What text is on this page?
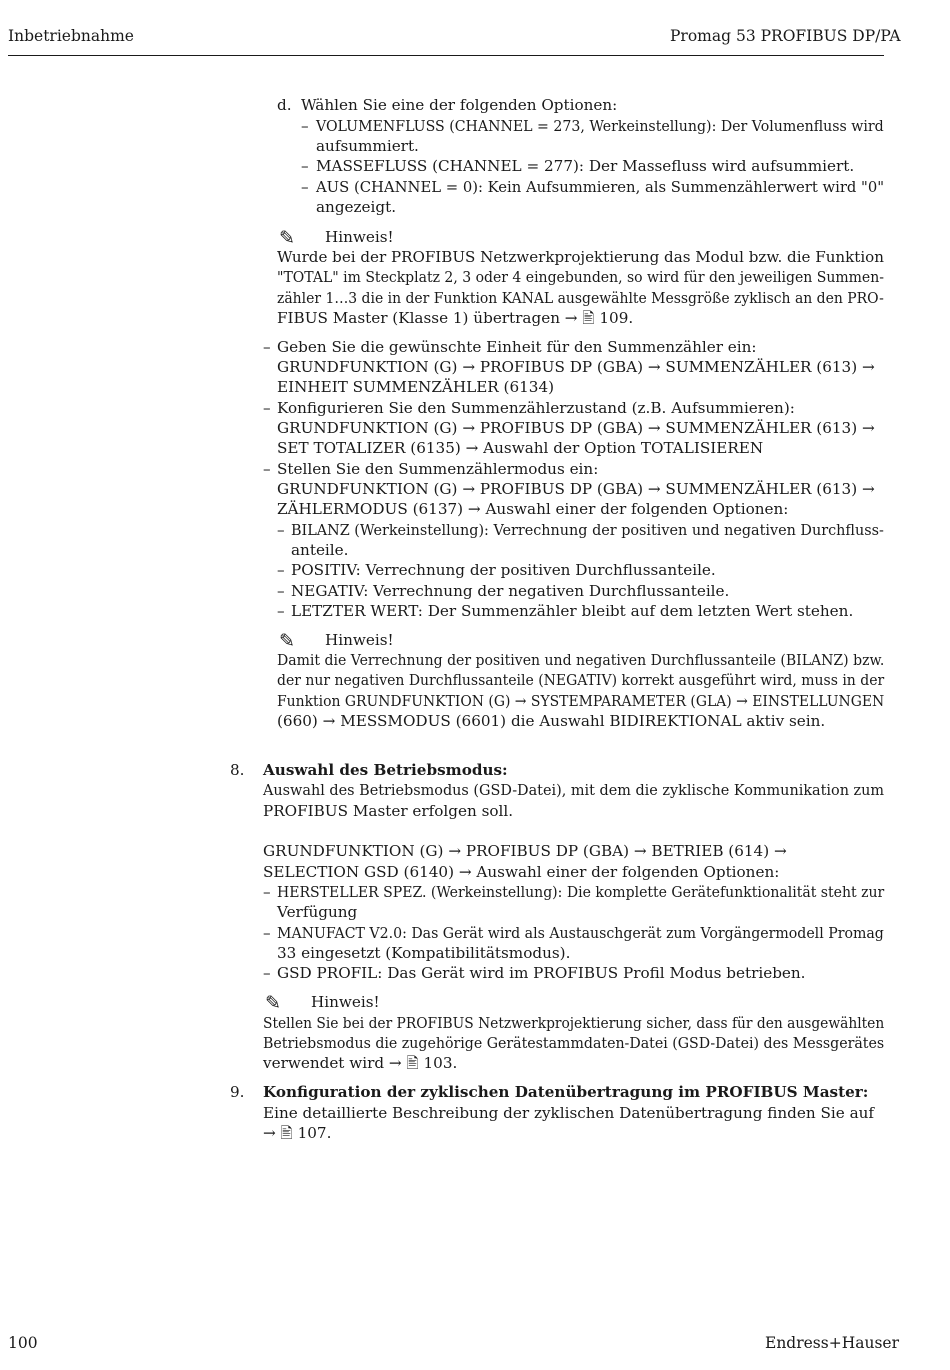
Inbetriebnahme	Promag 53 PROFIBUS DP/PA
d. Wählen Sie eine der folgenden Optionen:
– VOLUMENFLUSS (CHANNEL = 273, Werkeinstellung): Der Volumenfluss wird
aufsummiert.
– MASSEFLUSS (CHANNEL = 277): Der Massefluss wird aufsummiert.
– AUS (CHANNEL = 0): Kein Aufsummieren, als Summenzählerwert wird "0"
angezeigt.
✎ Hinweis!
Wurde bei der PROFIBUS Netzwerkprojektierung das Modul bzw. die Funktion
"TOTAL" im Steckplatz 2, 3 oder 4 eingebunden, so wird für den jeweiligen Summen-
zähler 1…3 die in der Funktion KANAL ausgewählte Messgröße zyklisch an den PRO-
FIBUS Master (Klasse 1) übertragen → 🖹 109.
– Geben Sie die gewünschte Einheit für den Summenzähler ein:
GRUNDFUNKTION (G) → PROFIBUS DP (GBA) → SUMMENZÄHLER (613) →
EINHEIT SUMMENZÄHLER (6134)
– Konfigurieren Sie den Summenzählerzustand (z.B. Aufsummieren):
GRUNDFUNKTION (G) → PROFIBUS DP (GBA) → SUMMENZÄHLER (613) →
SET TOTALIZER (6135) → Auswahl der Option TOTALISIEREN
– Stellen Sie den Summenzählermodus ein:
GRUNDFUNKTION (G) → PROFIBUS DP (GBA) → SUMMENZÄHLER (613) →
ZÄHLERMODUS (6137) → Auswahl einer der folgenden Optionen:
– BILANZ (Werkeinstellung): Verrechnung der positiven und negativen Durchfluss-
anteile.
– POSITIV: Verrechnung der positiven Durchflussanteile.
– NEGATIV: Verrechnung der negativen Durchflussanteile.
– LETZTER WERT: Der Summenzähler bleibt auf dem letzten Wert stehen.
✎ Hinweis!
Damit die Verrechnung der positiven und negativen Durchflussanteile (BILANZ) bzw.
der nur negativen Durchflussanteile (NEGATIV) korrekt ausgeführt wird, muss in der
Funktion GRUNDFUNKTION (G) → SYSTEMPARAMETER (GLA) → EINSTELLUNGEN
(660) → MESSMODUS (6601) die Auswahl BIDIREKTIONAL aktiv sein.
8. Auswahl des Betriebsmodus:
Auswahl des Betriebsmodus (GSD-Datei), mit dem die zyklische Kommunikation zum
PROFIBUS Master erfolgen soll.
GRUNDFUNKTION (G) → PROFIBUS DP (GBA) → BETRIEB (614) →
SELECTION GSD (6140) → Auswahl einer der folgenden Optionen:
– HERSTELLER SPEZ. (Werkeinstellung): Die komplette Gerätefunktionalität steht zur
Verfügung
– MANUFACT V2.0: Das Gerät wird als Austauschgerät zum Vorgängermodell Promag
33 eingesetzt (Kompatibilitätsmodus).
– GSD PROFIL: Das Gerät wird im PROFIBUS Profil Modus betrieben.
✎ Hinweis!
Stellen Sie bei der PROFIBUS Netzwerkprojektierung sicher, dass für den ausgewählten
Betriebsmodus die zugehörige Gerätestammdaten-Datei (GSD-Datei) des Messgerätes
verwendet wird → 🖹 103.
9. Konfiguration der zyklischen Datenübertragung im PROFIBUS Master:
Eine detaillierte Beschreibung der zyklischen Datenübertragung finden Sie auf
→ 🖹 107.
100	Endress+Hauser
